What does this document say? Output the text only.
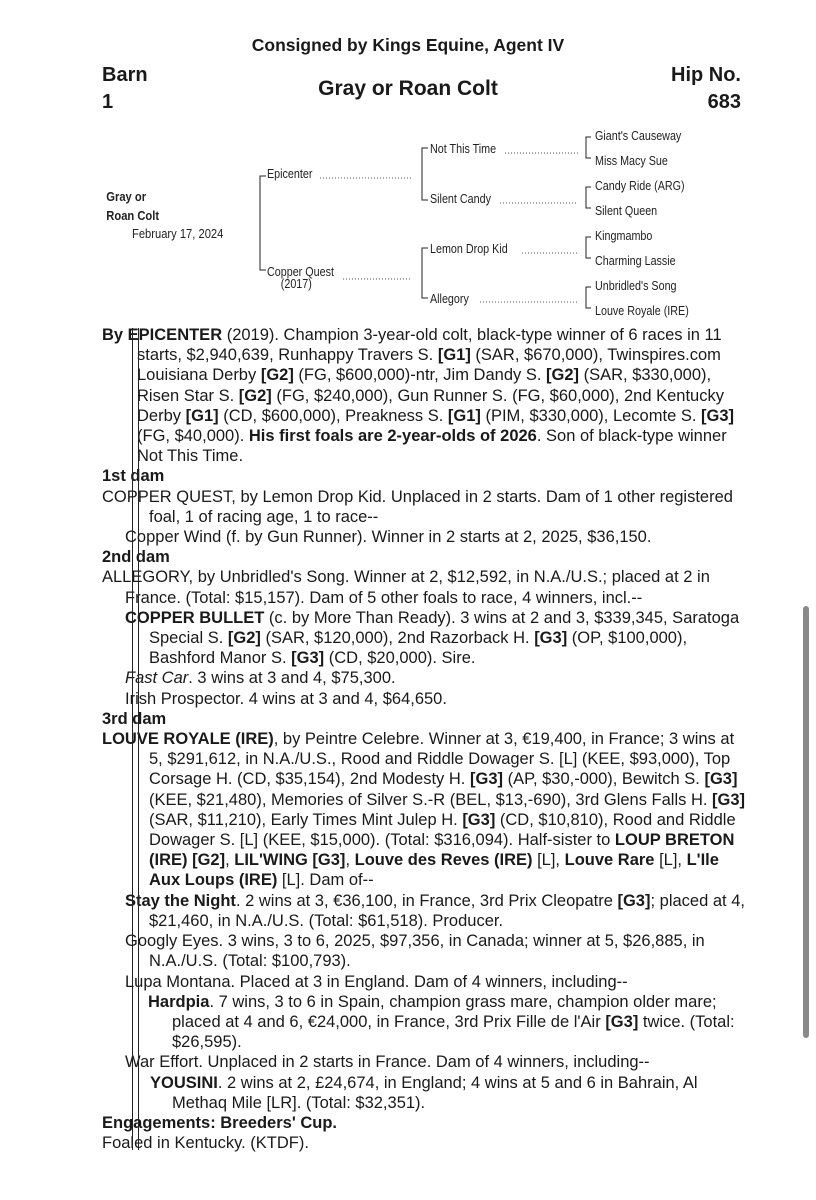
Consigned by Kings Equine, Agent IV
Barn
1
Gray or Roan Colt
Hip No.
683
Gray or
Roan Colt
February 17, 2024
Epicenter
Copper Quest
(2017)
Not This Time
Silent Candy
Lemon Drop Kid
Allegory
Giant's Causeway
Miss Macy Sue
Candy Ride (ARG)
Silent Queen
Kingmambo
Charming Lassie
Unbridled's Song
Louve Royale (IRE)

By EPICENTER (2019). Champion 3-year-old colt, black-type winner of 6 races in 11 starts, $2,940,639, Runhappy Travers S. [G1] (SAR, $670,000), Twinspires.com Louisiana Derby [G2] (FG, $600,000)-ntr, Jim Dandy S. [G2] (SAR, $330,000), Risen Star S. [G2] (FG, $240,000), Gun Runner S. (FG, $60,000), 2nd Kentucky Derby [G1] (CD, $600,000), Preakness S. [G1] (PIM, $330,000), Lecomte S. [G3] (FG, $40,000). His first foals are 2-year-olds of 2026. Son of black-type winner Not This Time.

1st dam

COPPER QUEST, by Lemon Drop Kid. Unplaced in 2 starts. Dam of 1 other registered foal, 1 of racing age, 1 to race--

Copper Wind (f. by Gun Runner). Winner in 2 starts at 2, 2025, $36,150.

2nd dam

ALLEGORY, by Unbridled's Song. Winner at 2, $12,592, in N.A./U.S.; placed at 2 in France. (Total: $15,157). Dam of 5 other foals to race, 4 winners, incl.--

COPPER BULLET (c. by More Than Ready). 3 wins at 2 and 3, $339,345, Saratoga Special S. [G2] (SAR, $120,000), 2nd Razorback H. [G3] (OP, $100,000), Bashford Manor S. [G3] (CD, $20,000). Sire.

Fast Car. 3 wins at 3 and 4, $75,300.

Irish Prospector. 4 wins at 3 and 4, $64,650.

3rd dam

LOUVE ROYALE (IRE), by Peintre Celebre. Winner at 3, €19,400, in France; 3 wins at 5, $291,612, in N.A./U.S., Rood and Riddle Dowager S. [L] (KEE, $93,000), Top Corsage H. (CD, $35,154), 2nd Modesty H. [G3] (AP, $30,-000), Bewitch S. [G3] (KEE, $21,480), Memories of Silver S.-R (BEL, $13,-690), 3rd Glens Falls H. [G3] (SAR, $11,210), Early Times Mint Julep H. [G3] (CD, $10,810), Rood and Riddle Dowager S. [L] (KEE, $15,000). (Total: $316,094). Half-sister to LOUP BRETON (IRE) [G2], LIL'WING [G3], Louve des Reves (IRE) [L], Louve Rare [L], L'Ile Aux Loups (IRE) [L]. Dam of--

Stay the Night. 2 wins at 3, €36,100, in France, 3rd Prix Cleopatre [G3]; placed at 4, $21,460, in N.A./U.S. (Total: $61,518). Producer.

Googly Eyes. 3 wins, 3 to 6, 2025, $97,356, in Canada; winner at 5, $26,885, in N.A./U.S. (Total: $100,793).

Lupa Montana. Placed at 3 in England. Dam of 4 winners, including--

Hardpia. 7 wins, 3 to 6 in Spain, champion grass mare, champion older mare; placed at 4 and 6, €24,000, in France, 3rd Prix Fille de l'Air [G3] twice. (Total: $26,595).

War Effort. Unplaced in 2 starts in France. Dam of 4 winners, including--

YOUSINI. 2 wins at 2, £24,674, in England; 4 wins at 5 and 6 in Bahrain, Al Methaq Mile [LR]. (Total: $32,351).

Engagements: Breeders' Cup.

Foaled in Kentucky. (KTDF).
